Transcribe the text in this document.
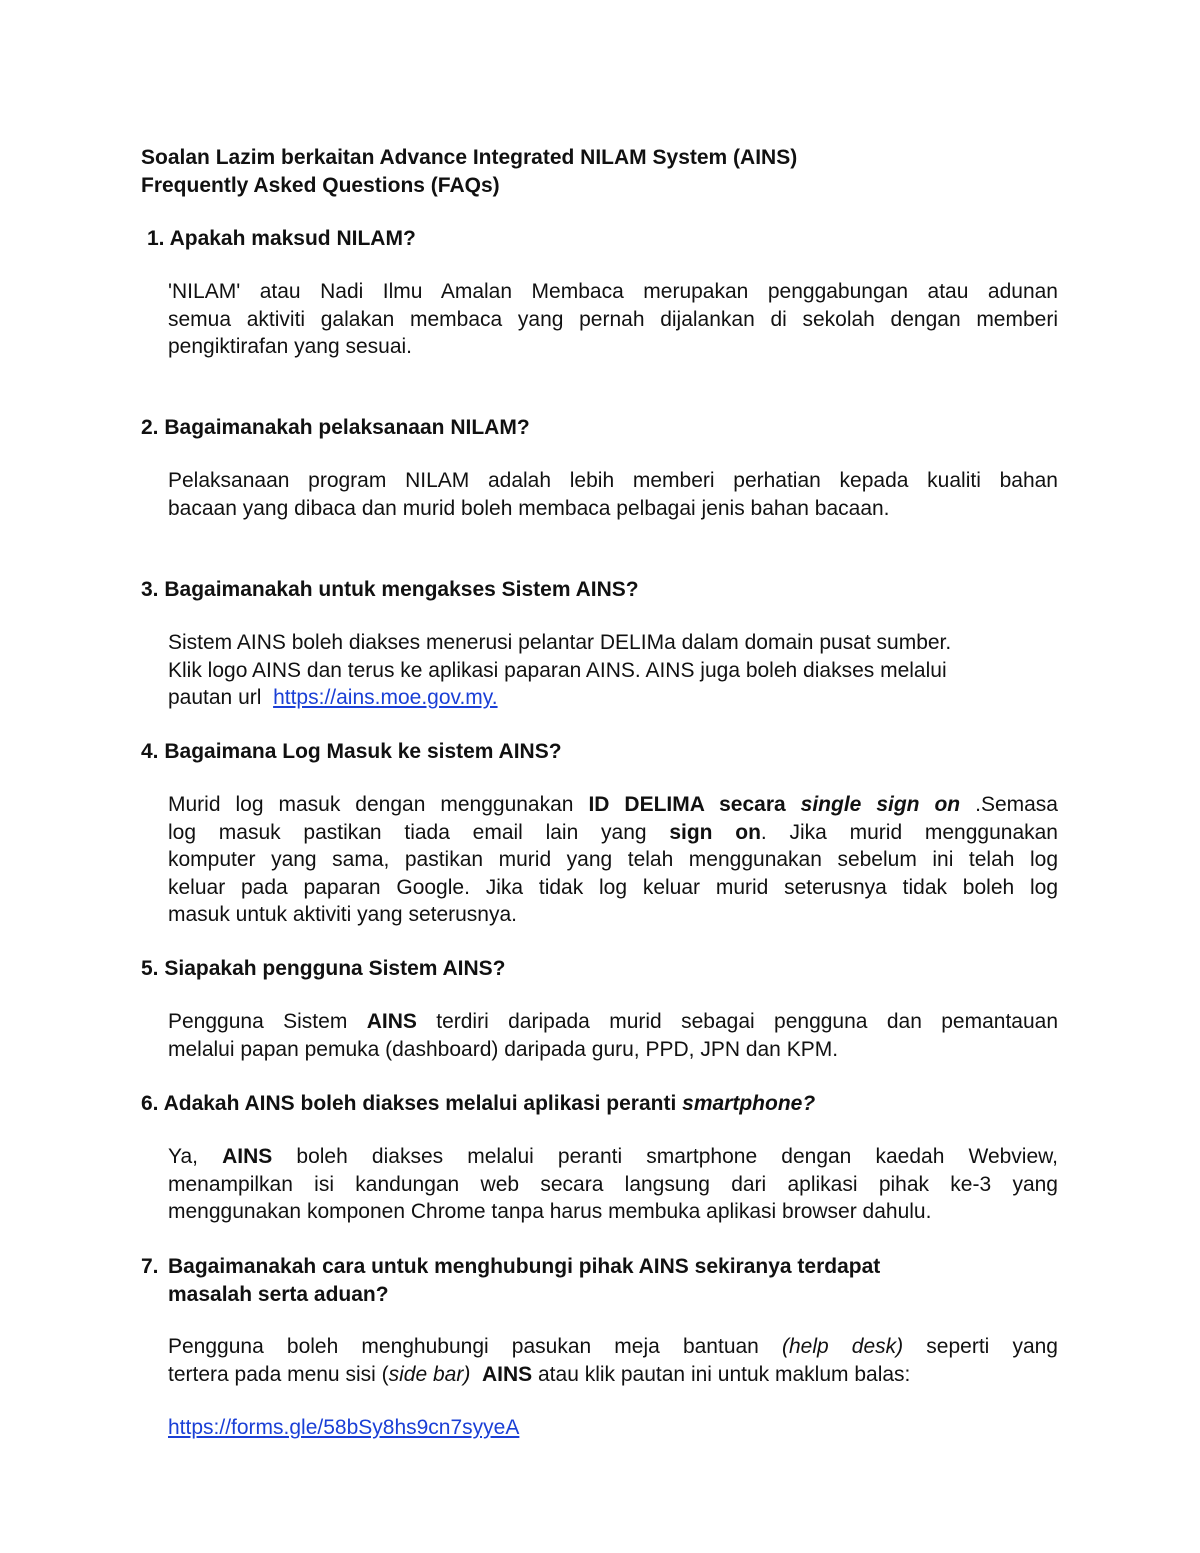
Soalan Lazim berkaitan Advance Integrated NILAM System (AINS)
Frequently Asked Questions (FAQs)
1. Apakah maksud NILAM?
'NILAM' atau Nadi Ilmu Amalan Membaca merupakan penggabungan atau adunan
semua aktiviti galakan membaca yang pernah dijalankan di sekolah dengan memberi
pengiktirafan yang sesuai.
2. Bagaimanakah pelaksanaan NILAM?
Pelaksanaan program NILAM adalah lebih memberi perhatian kepada kualiti bahan
bacaan yang dibaca dan murid boleh membaca pelbagai jenis bahan bacaan.
3. Bagaimanakah untuk mengakses Sistem AINS?
Sistem AINS boleh diakses menerusi pelantar DELIMa dalam domain pusat sumber.
Klik logo AINS dan terus ke aplikasi paparan AINS. AINS juga boleh diakses melalui
pautan url  https://ains.moe.gov.my.
4. Bagaimana Log Masuk ke sistem AINS?
Murid log masuk dengan menggunakan ID DELIMA secara single sign on .Semasa
log masuk pastikan tiada email lain yang sign on. Jika murid menggunakan
komputer yang sama, pastikan murid yang telah menggunakan sebelum ini telah log
keluar pada paparan Google. Jika tidak log keluar murid seterusnya tidak boleh log
masuk untuk aktiviti yang seterusnya.
5. Siapakah pengguna Sistem AINS?
Pengguna Sistem AINS terdiri daripada murid sebagai pengguna dan pemantauan
melalui papan pemuka (dashboard) daripada guru, PPD, JPN dan KPM.
6. Adakah AINS boleh diakses melalui aplikasi peranti smartphone?
Ya, AINS boleh diakses melalui peranti smartphone dengan kaedah Webview,
menampilkan isi kandungan web secara langsung dari aplikasi pihak ke-3 yang
menggunakan komponen Chrome tanpa harus membuka aplikasi browser dahulu.
7. Bagaimanakah cara untuk menghubungi pihak AINS sekiranya terdapat
masalah serta aduan?
Pengguna boleh menghubungi pasukan meja bantuan (help desk) seperti yang
tertera pada menu sisi (side bar) AINS atau klik pautan ini untuk maklum balas:
https://forms.gle/58bSy8hs9cn7syyeA
